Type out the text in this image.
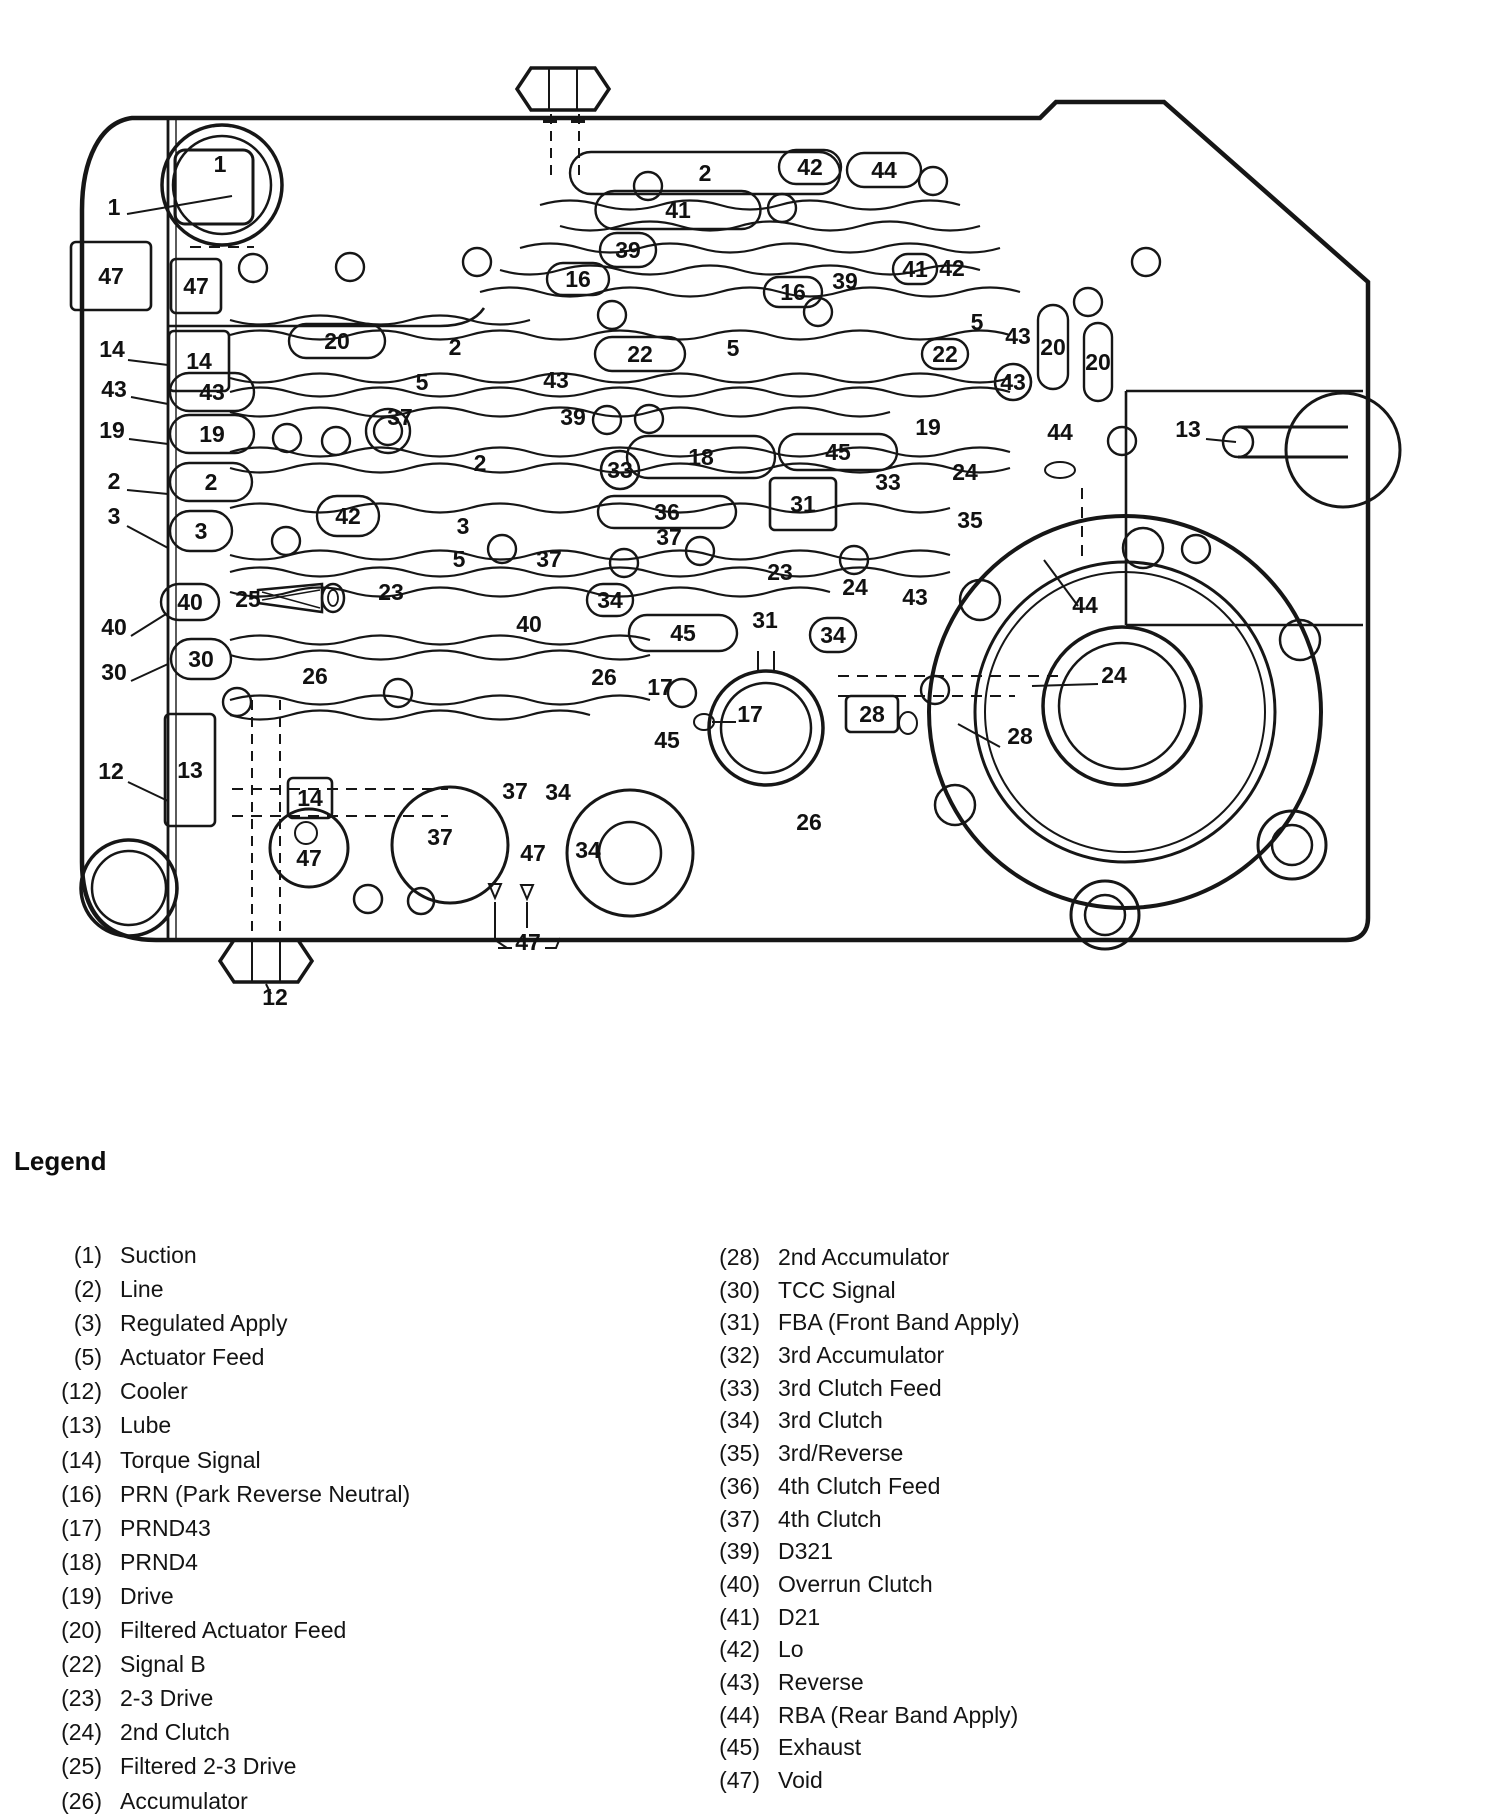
1
47	47
14
20	2
5
2	42 44
41
39
16	16 39 41 42
5
22	5	22
43 20
20
43
43	43
19
37	39	19	44
2
2
42
33 18	45
33 24
3	3
36
37
31
35
5	37
25	23
40
23
24 43
34
40
44
30
26	26
45 31
34
17
17	28
28
24
45
26
13
14
37
47 34
37 34
47
47
1
14
43
19
2
3
40
30
12
13
12
Legend
(1) Suction
(2) Line
(3) Regulated Apply
(5) Actuator Feed
(12) Cooler
(13) Lube
(14) Torque Signal
(16) PRN (Park Reverse Neutral)
(17) PRND43
(18) PRND4
(19) Drive
(20) Filtered Actuator Feed
(22) Signal B
(23) 2-3 Drive
(24) 2nd Clutch
(25) Filtered 2-3 Drive
(26) Accumulator
(28) 2nd Accumulator
(30) TCC Signal
(31) FBA (Front Band Apply)
(32) 3rd Accumulator
(33) 3rd Clutch Feed
(34) 3rd Clutch
(35) 3rd/Reverse
(36) 4th Clutch Feed
(37) 4th Clutch
(39) D321
(40) Overrun Clutch
(41) D21
(42) Lo
(43) Reverse
(44) RBA (Rear Band Apply)
(45) Exhaust
(47) Void
